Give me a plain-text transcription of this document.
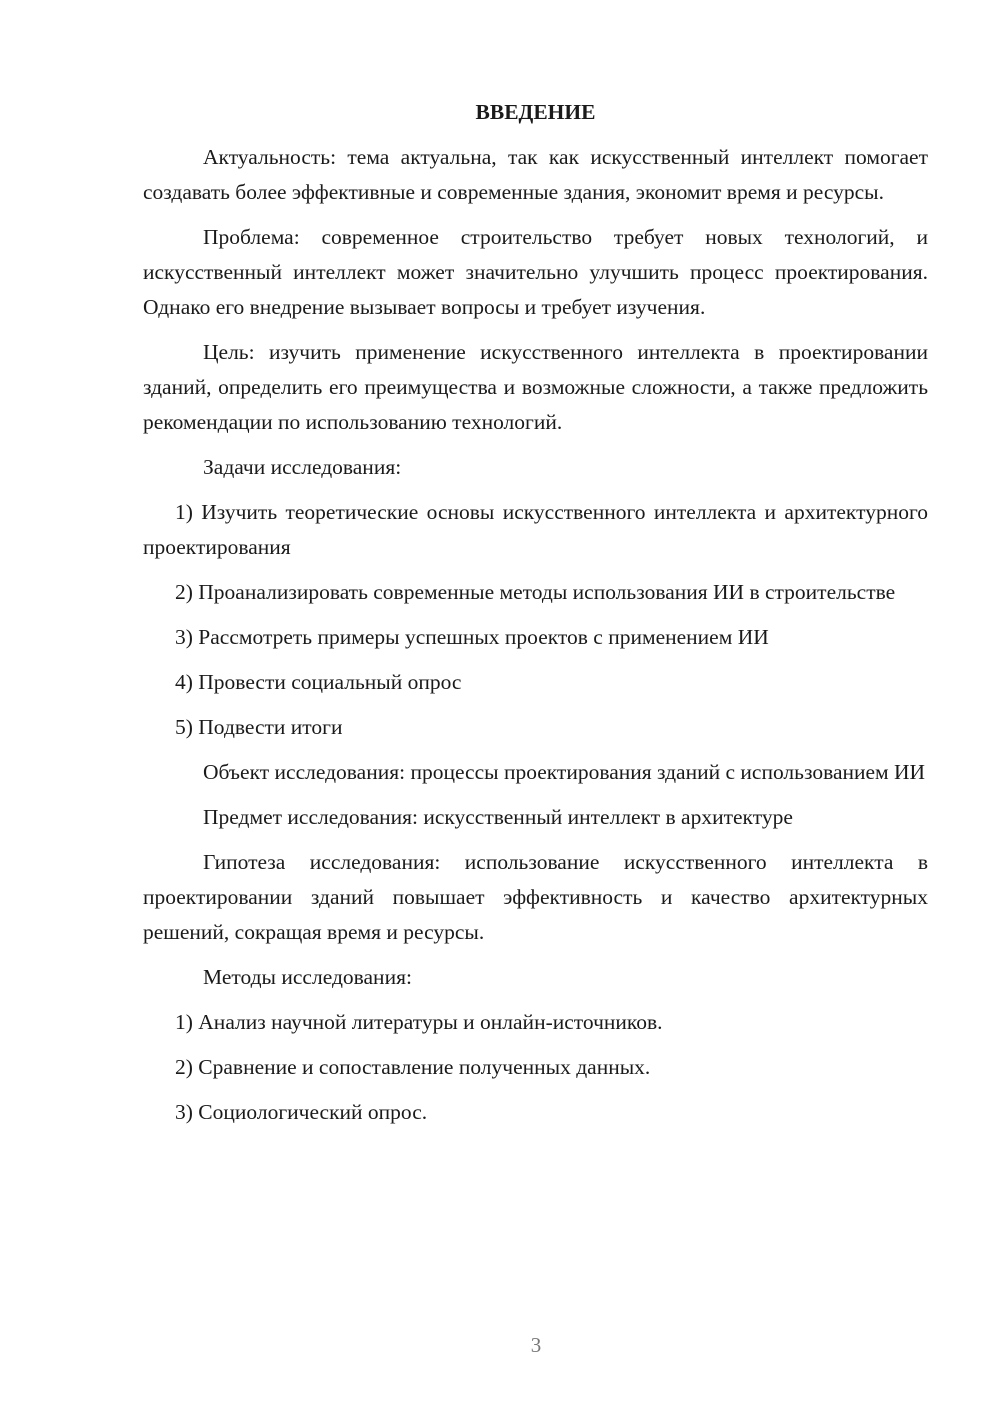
ВВЕДЕНИЕ

Актуальность: тема актуальна, так как искусственный интеллект помогает создавать более эффективные и современные здания, экономит время и ресурсы.

Проблема: современное строительство требует новых технологий, и искусственный интеллект может значительно улучшить процесс проектирования. Однако его внедрение вызывает вопросы и требует изучения.

Цель: изучить применение искусственного интеллекта в проектировании зданий, определить его преимущества и возможные сложности, а также предложить рекомендации по использованию технологий.

Задачи исследования:

1) Изучить теоретические основы искусственного интеллекта и архитектурного проектирования

2) Проанализировать современные методы использования ИИ в строительстве

3) Рассмотреть примеры успешных проектов с применением ИИ

4) Провести социальный опрос

5) Подвести итоги

Объект исследования: процессы проектирования зданий с использованием ИИ

Предмет исследования: искусственный интеллект в архитектуре

Гипотеза исследования: использование искусственного интеллекта в проектировании зданий повышает эффективность и качество архитектурных решений, сокращая время и ресурсы.

Методы исследования:

1) Анализ научной литературы и онлайн-источников.

2) Сравнение и сопоставление полученных данных.

3) Социологический опрос.

3
